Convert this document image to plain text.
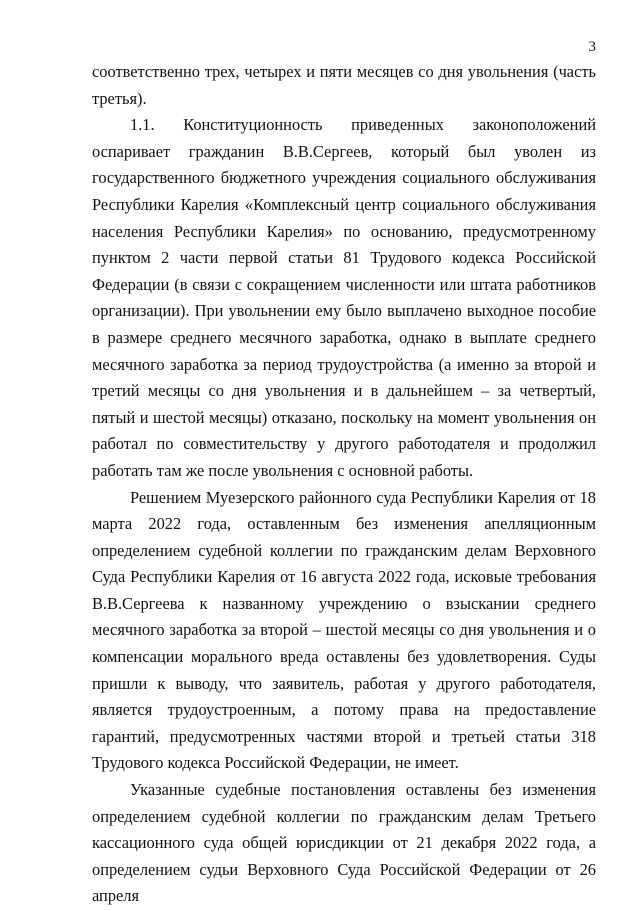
3

соответственно трех, четырех и пяти месяцев со дня увольнения (часть третья).

1.1. Конституционность приведенных законоположений оспаривает гражданин В.В.Сергеев, который был уволен из государственного бюджетного учреждения социального обслуживания Республики Карелия «Комплексный центр социального обслуживания населения Республики Карелия» по основанию, предусмотренному пунктом 2 части первой статьи 81 Трудового кодекса Российской Федерации (в связи с сокращением численности или штата работников организации). При увольнении ему было выплачено выходное пособие в размере среднего месячного заработка, однако в выплате среднего месячного заработка за период трудоустройства (а именно за второй и третий месяцы со дня увольнения и в дальнейшем – за четвертый, пятый и шестой месяцы) отказано, поскольку на момент увольнения он работал по совместительству у другого работодателя и продолжил работать там же после увольнения с основной работы.

Решением Муезерского районного суда Республики Карелия от 18 марта 2022 года, оставленным без изменения апелляционным определением судебной коллегии по гражданским делам Верховного Суда Республики Карелия от 16 августа 2022 года, исковые требования В.В.Сергеева к названному учреждению о взыскании среднего месячного заработка за второй – шестой месяцы со дня увольнения и о компенсации морального вреда оставлены без удовлетворения. Суды пришли к выводу, что заявитель, работая у другого работодателя, является трудоустроенным, а потому права на предоставление гарантий, предусмотренных частями второй и третьей статьи 318 Трудового кодекса Российской Федерации, не имеет.

Указанные судебные постановления оставлены без изменения определением судебной коллегии по гражданским делам Третьего кассационного суда общей юрисдикции от 21 декабря 2022 года, а определением судьи Верховного Суда Российской Федерации от 26 апреля
